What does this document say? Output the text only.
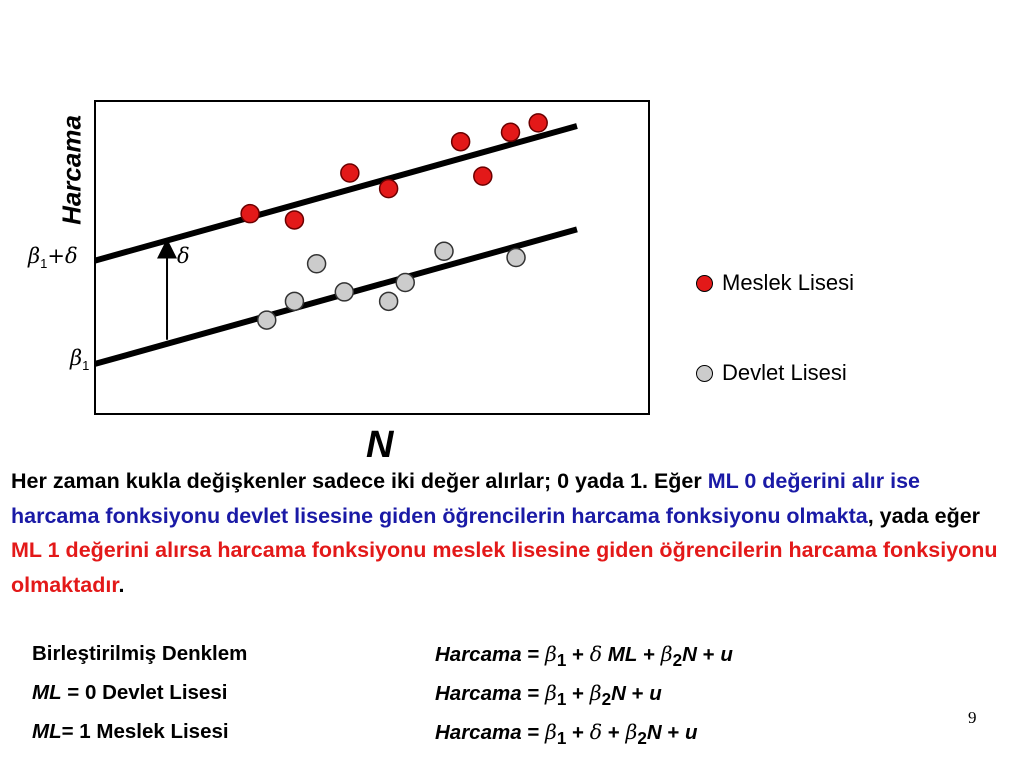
Harcama
N
$\beta_1+\delta$
$\beta_1$
δ
Meslek Lisesi
Devlet Lisesi
Her zaman kukla değişkenler sadece iki değer alırlar; 0 yada 1. Eğer ML 0 değerini alır ise harcama fonksiyonu devlet lisesine giden öğrencilerin harcama fonksiyonu olmakta, yada eğer ML 1 değerini alırsa harcama fonksiyonu meslek lisesine giden öğrencilerin harcama fonksiyonu olmaktadır.
Birleştirilmiş Denklem	Harcama = $\beta_1 + \delta$ ML + $\beta_2N + u$
ML = 0 Devlet Lisesi	Harcama = $\beta_1 + \beta_2N + u$
ML= 1 Meslek Lisesi	Harcama = $\beta_1 + \delta + \beta_2N + u$
9
